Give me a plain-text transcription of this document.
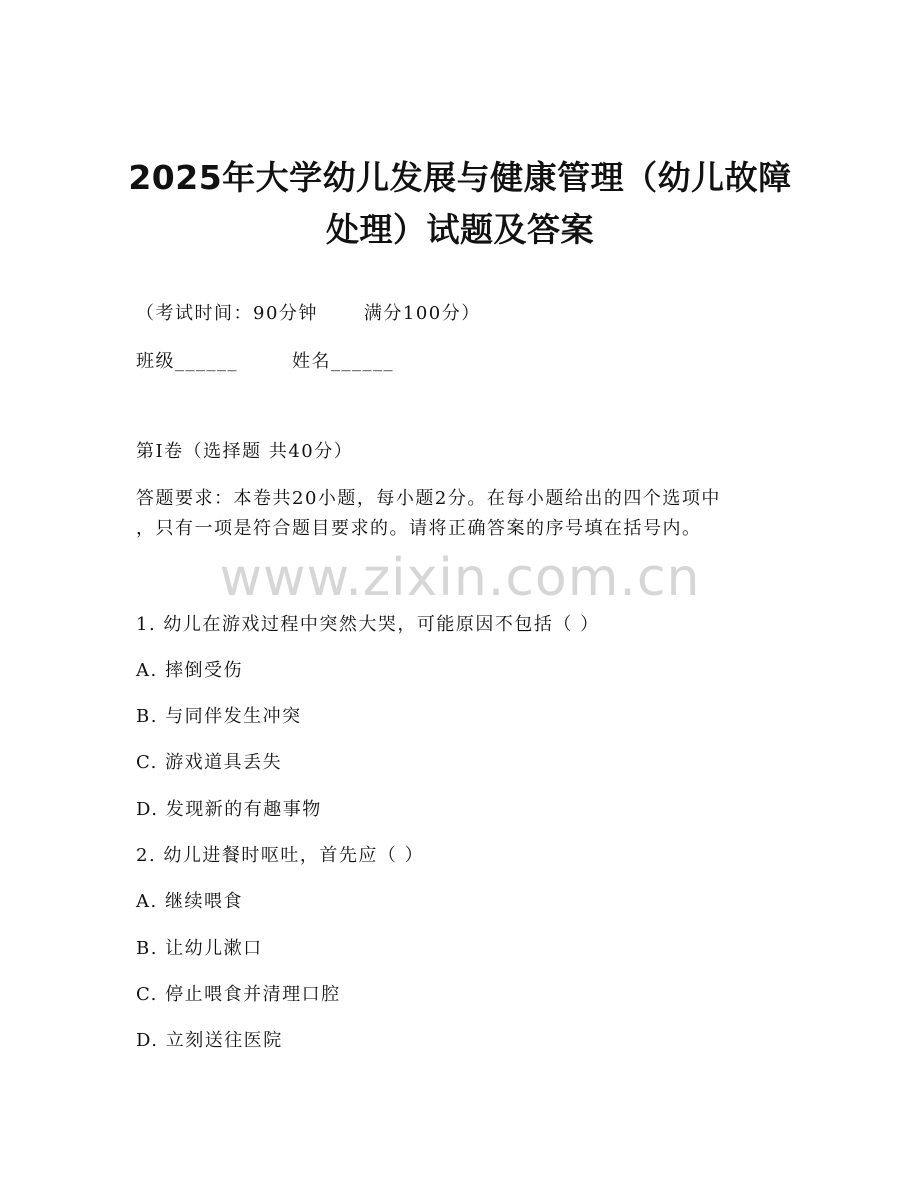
2025年大学幼儿发展与健康管理（幼儿故障
处理）试题及答案
（考试时间：90分钟	满分100分）
班级______	姓名______
第I卷（选择题 共40分）
答题要求：本卷共20小题，每小题2分。在每小题给出的四个选项中
，只有一项是符合题目要求的。请将正确答案的序号填在括号内。
www.zixin.com.cn
1. 幼儿在游戏过程中突然大哭，可能原因不包括（ ）
A. 摔倒受伤
B. 与同伴发生冲突
C. 游戏道具丢失
D. 发现新的有趣事物
2. 幼儿进餐时呕吐，首先应（ ）
A. 继续喂食
B. 让幼儿漱口
C. 停止喂食并清理口腔
D. 立刻送往医院
